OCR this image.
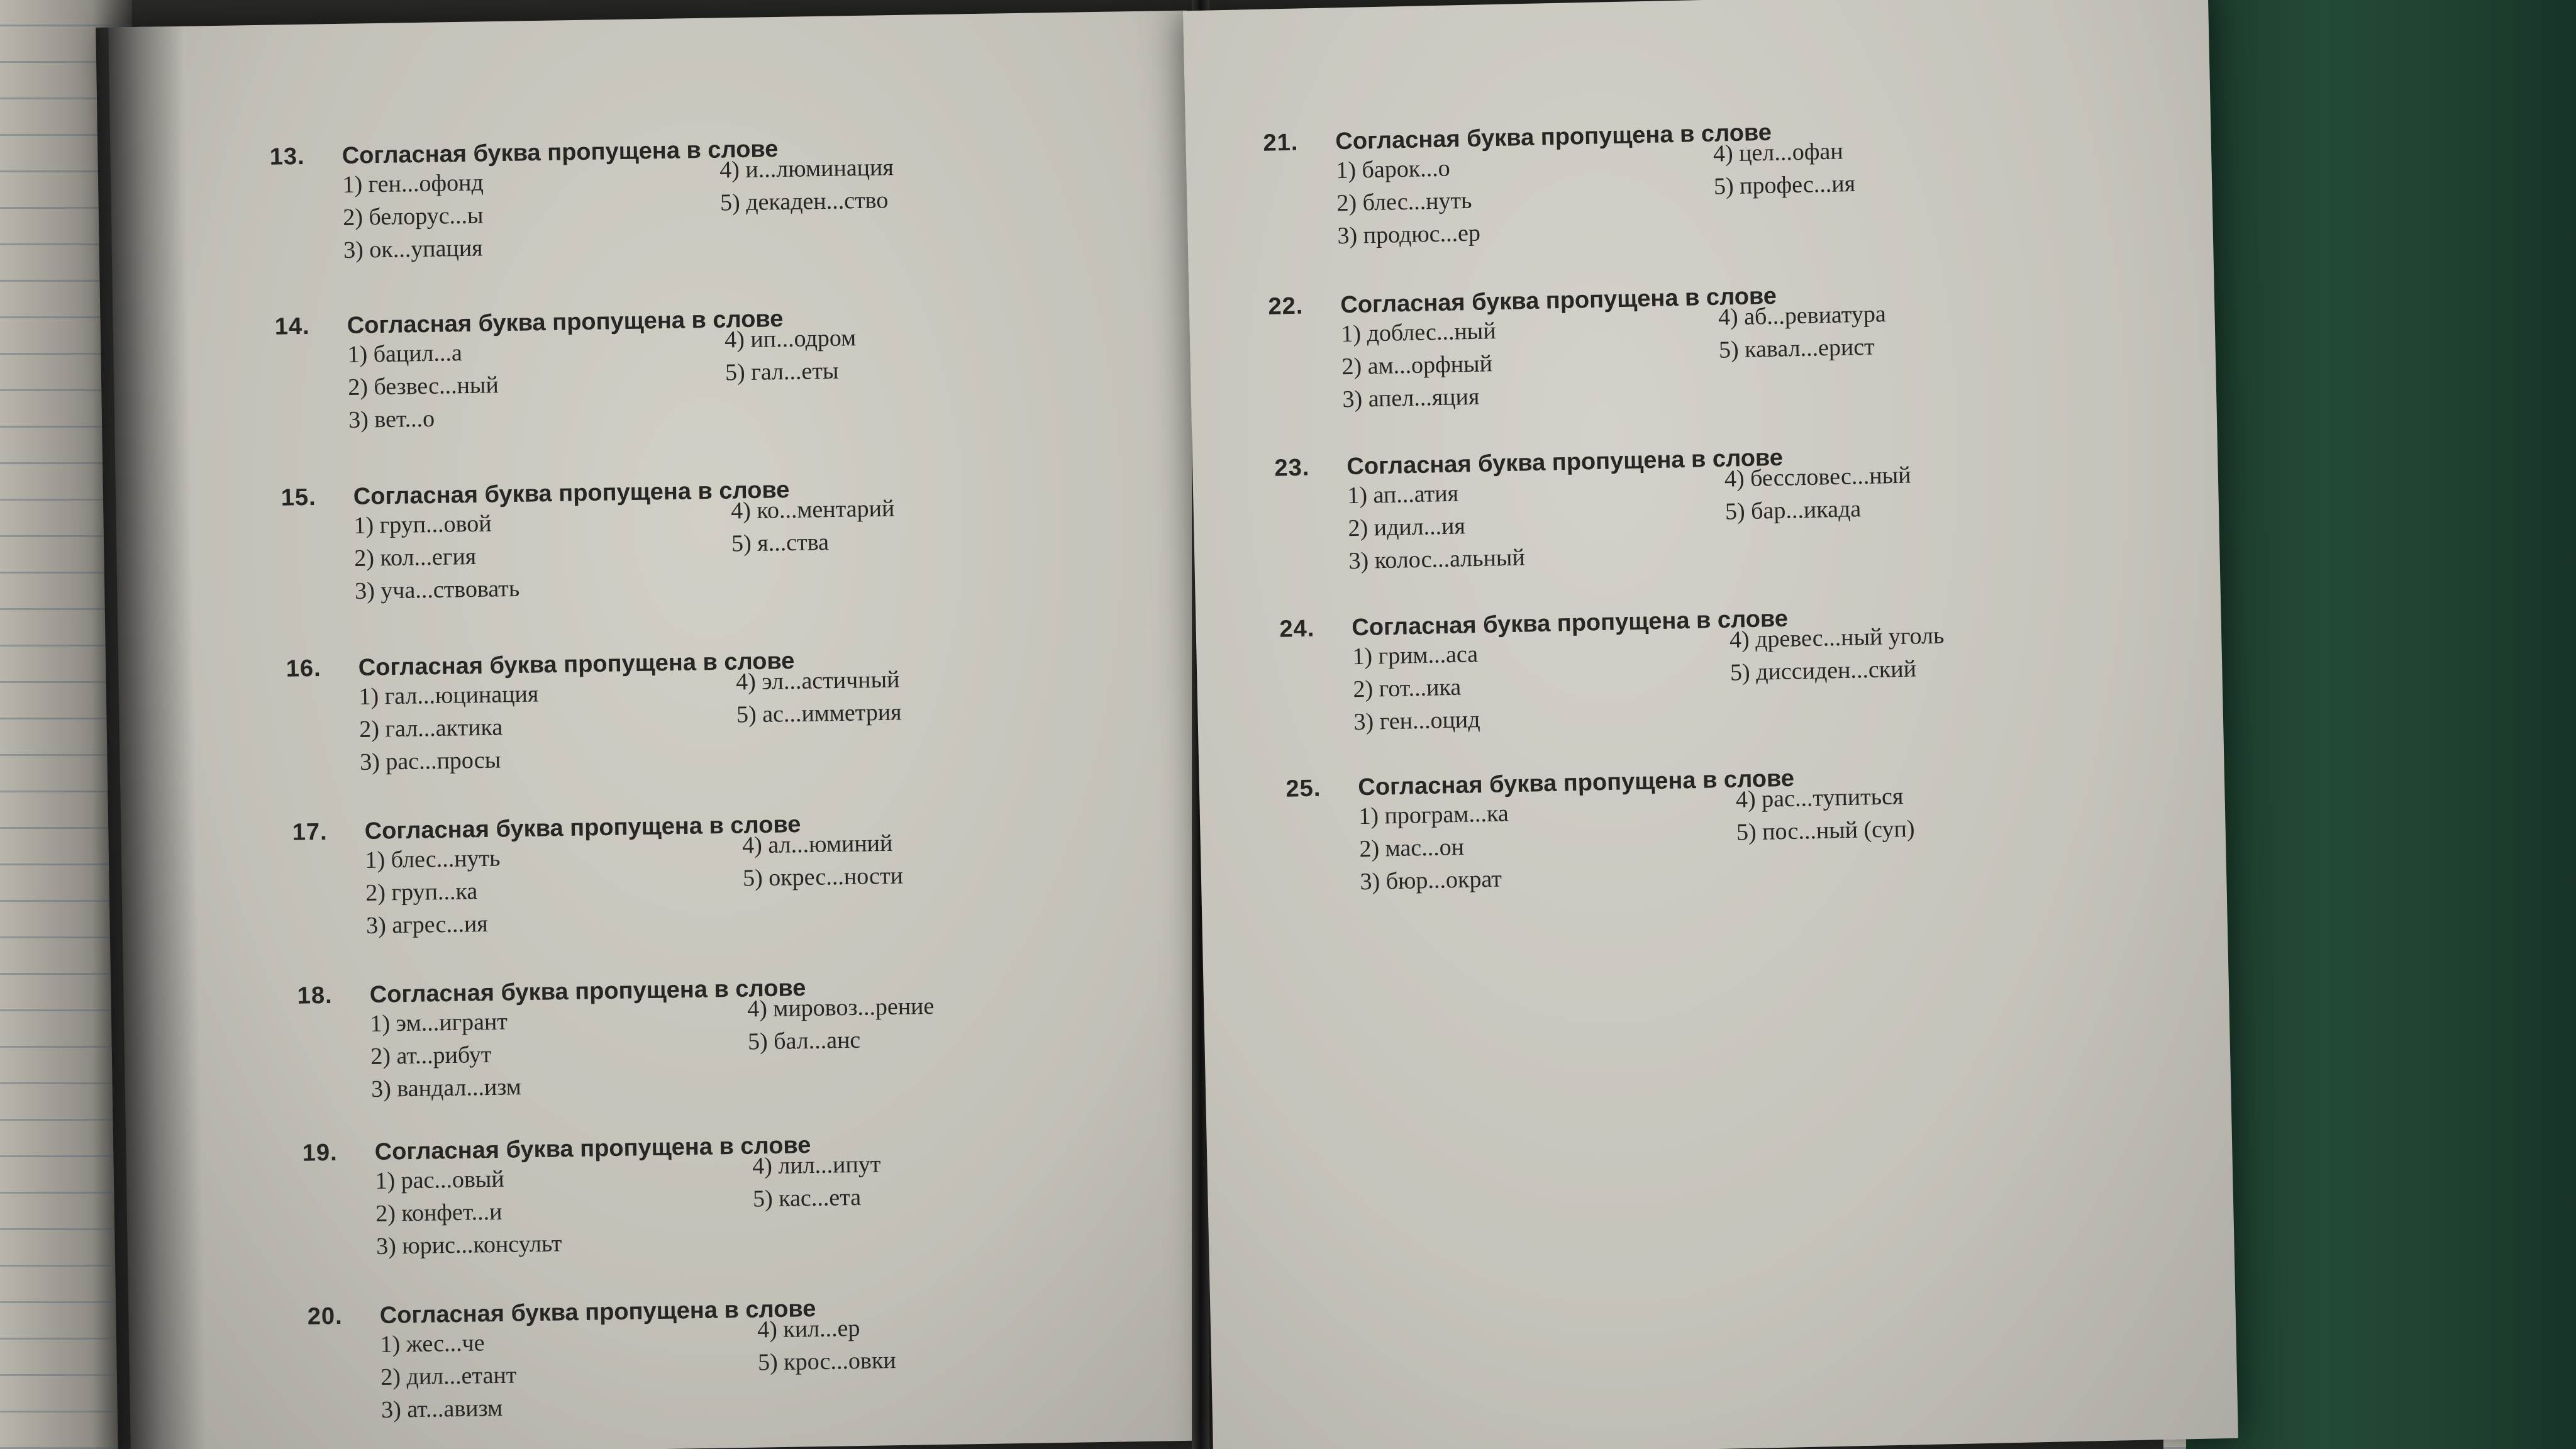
13.	Согласная буква пропущена в слове
1) ген...офонд
2) белорус...ы
3) ок...упация
4) и...люминация
5) декаден...ство
14.	Согласная буква пропущена в слове
1) бацил...а
2) безвес...ный
3) вет...о
4) ип...одром
5) гал...еты
15.	Согласная буква пропущена в слове
1) груп...овой
2) кол...егия
3) уча...ствовать
4) ко...ментарий
5) я...ства
16.	Согласная буква пропущена в слове
1) гал...юцинация
2) гал...актика
3) рас...просы
4) эл...астичный
5) ас...имметрия
17.	Согласная буква пропущена в слове
1) блес...нуть
2) груп...ка
3) агрес...ия
4) ал...юминий
5) окрес...ности
18.	Согласная буква пропущена в слове
1) эм...игрант
2) ат...рибут
3) вандал...изм
4) мировоз...рение
5) бал...анс
19.	Согласная буква пропущена в слове
1) рас...овый
2) конфет...и
3) юрис...консульт
4) лил...ипут
5) кас...ета
20.	Согласная буква пропущена в слове
1) жес...че
2) дил...етант
3) ат...авизм
4) кил...ер
5) крос...овки
21.	Согласная буква пропущена в слове
1) барок...о
2) блес...нуть
3) продюс...ер
4) цел...офан
5) профес...ия
22.	Согласная буква пропущена в слове
1) доблес...ный
2) ам...орфный
3) апел...яция
4) аб...ревиатура
5) кавал...ерист
23.	Согласная буква пропущена в слове
1) ап...атия
2) идил...ия
3) колос...альный
4) бессловес...ный
5) бар...икада
24.	Согласная буква пропущена в слове
1) грим...аса
2) гот...ика
3) ген...оцид
4) древес...ный уголь
5) диссиден...ский
25.	Согласная буква пропущена в слове
1) програм...ка
2) мас...он
3) бюр...ократ
4) рас...тупиться
5) пос...ный (суп)
